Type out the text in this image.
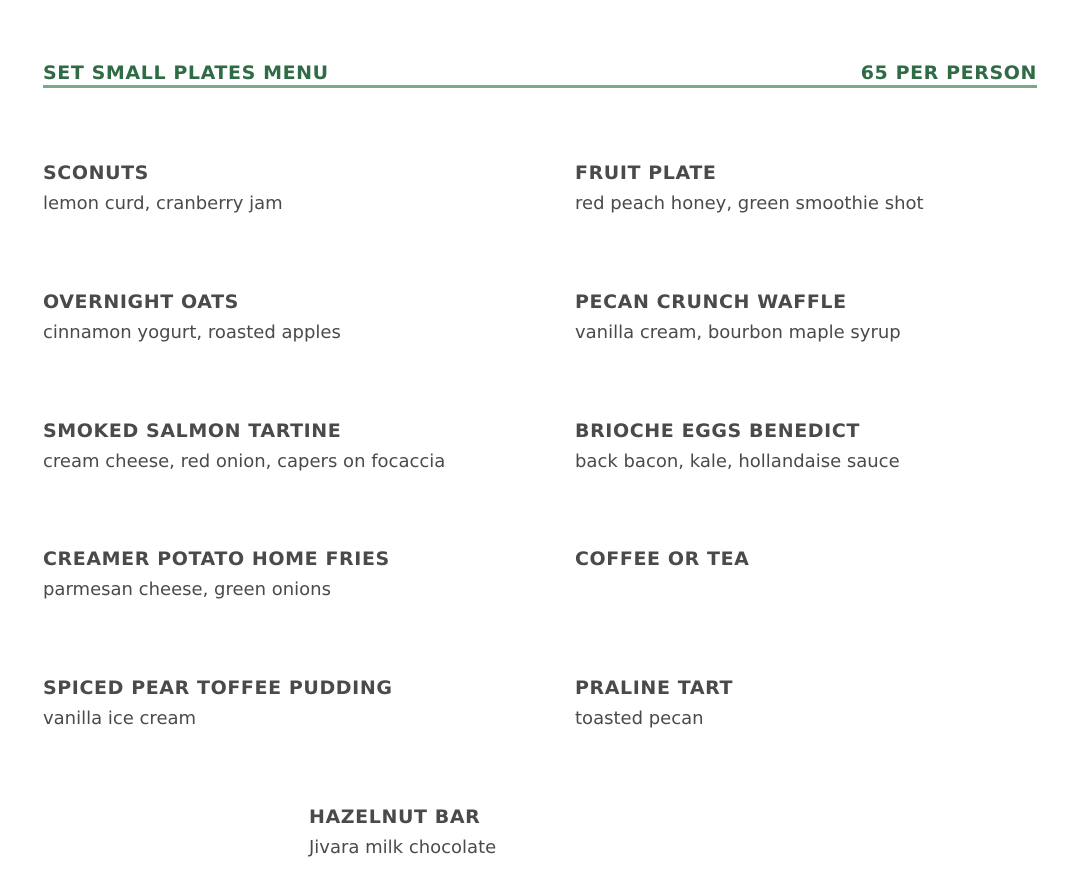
SET SMALL PLATES MENU	65 PER PERSON
SCONUTS
lemon curd, cranberry jam
FRUIT PLATE
red peach honey, green smoothie shot
OVERNIGHT OATS
cinnamon yogurt, roasted apples
PECAN CRUNCH WAFFLE
vanilla cream, bourbon maple syrup
SMOKED SALMON TARTINE
cream cheese, red onion, capers on focaccia
BRIOCHE EGGS BENEDICT
back bacon, kale, hollandaise sauce
CREAMER POTATO HOME FRIES
parmesan cheese, green onions
COFFEE OR TEA
SPICED PEAR TOFFEE PUDDING
vanilla ice cream
PRALINE TART
toasted pecan
HAZELNUT BAR
Jivara milk chocolate
